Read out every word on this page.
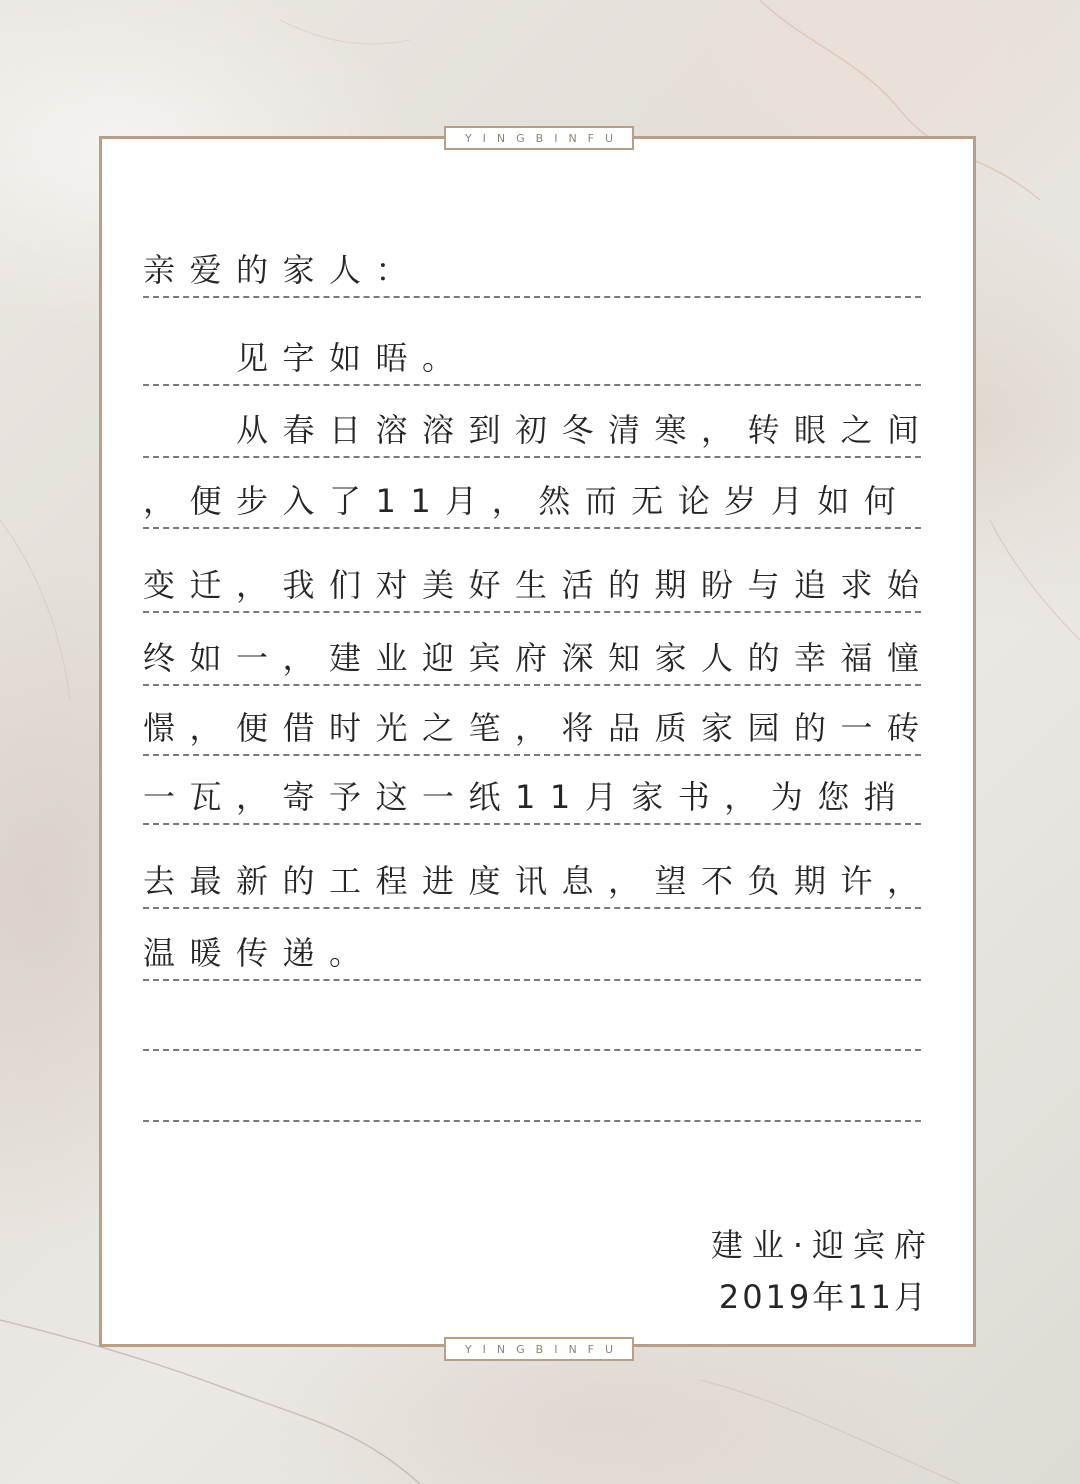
YINGBINFU
亲爱的家人：
见字如晤。
从春日溶溶到初冬清寒，转眼之间
，便步入了11月，然而无论岁月如何
变迁，我们对美好生活的期盼与追求始
终如一，建业迎宾府深知家人的幸福憧
憬，便借时光之笔，将品质家园的一砖
一瓦，寄予这一纸11月家书，为您捎
去最新的工程进度讯息，望不负期许，
温暖传递。
建业·迎宾府
2019年11月
YINGBINFU
